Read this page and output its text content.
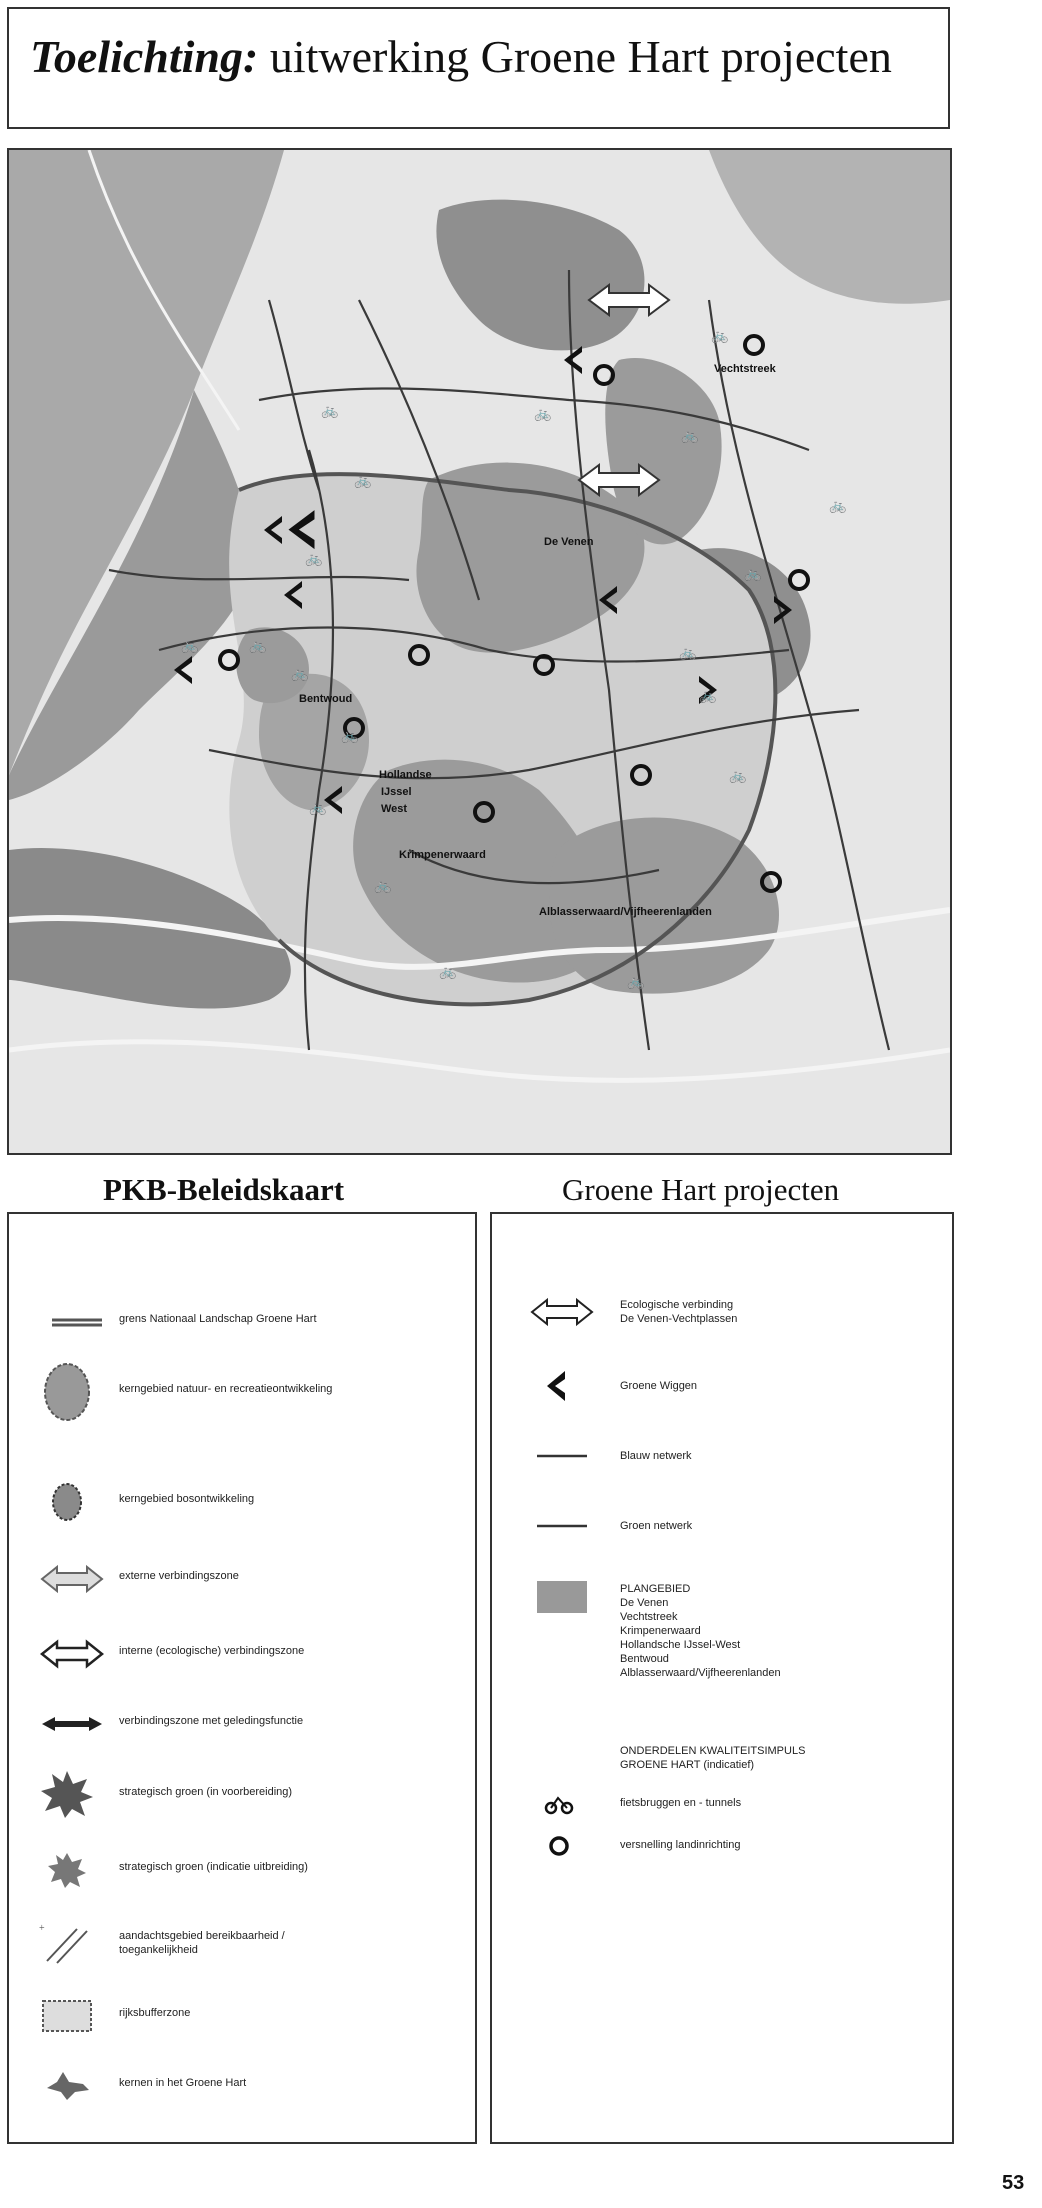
Toelichting: uitwerking Groene Hart projecten
🚲	🚲
🚲
🚲
🚲	🚲
🚲
🚲
🚲
🚲
🚲
🚲
🚲
🚲
🚲
🚲
🚲
🚲
🚲
Vechtstreek
De Venen
Bentwoud
Hollandse
IJssel
West
Krimpenerwaard
Alblasserwaard/Vijfheerenlanden
PKB-Beleidskaart	Groene Hart projecten
grens Nationaal Landschap Groene Hart
kerngebied natuur- en recreatieontwikkeling
kerngebied bosontwikkeling
externe verbindingszone
interne (ecologische) verbindingszone
verbindingszone met geledingsfunctie
strategisch groen (in voorbereiding)
strategisch groen (indicatie uitbreiding)
+
aandachtsgebied bereikbaarheid /
toegankelijkheid
rijksbufferzone
kernen in het Groene Hart
Ecologische verbinding
De Venen-Vechtplassen
Groene Wiggen
Blauw netwerk
Groen netwerk
PLANGEBIED
De Venen
Vechtstreek
Krimpenerwaard
Hollandsche IJssel-West
Bentwoud
Alblasserwaard/Vijfheerenlanden
ONDERDELEN KWALITEITSIMPULS
GROENE HART (indicatief)
fietsbruggen en - tunnels
versnelling landinrichting
53
